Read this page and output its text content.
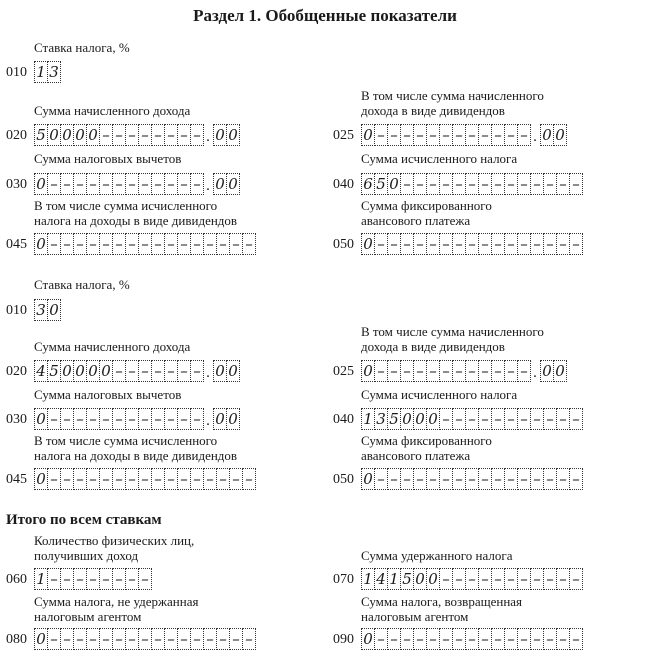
Раздел 1. Обобщенные показатели
Ставка налога, %
010 1 3
Сумма начисленного дохода
020 5 0 0 0 0 – – – – – – – – . 0 0
В том числе сумма начисленного
дохода в виде дивидендов
025 0 – – – – – – – – – – – – . 0 0
Сумма налоговых вычетов
030 0 – – – – – – – – – – – – . 0 0
Сумма исчисленного налога
040 6 5 0 – – – – – – – – – – – – – –
В том числе сумма исчисленного
налога на доходы в виде дивидендов
045 0 – – – – – – – – – – – – – – – –
Сумма фиксированного
авансового платежа
050 0 – – – – – – – – – – – – – – – –
Ставка налога, %
010 3 0
Сумма начисленного дохода
020 4 5 0 0 0 0 – – – – – – – . 0 0
В том числе сумма начисленного
дохода в виде дивидендов
025 0 – – – – – – – – – – – – . 0 0
Сумма налоговых вычетов
030 0 – – – – – – – – – – – – . 0 0
Сумма исчисленного налога
040 1 3 5 0 0 0 – – – – – – – – – – –
В том числе сумма исчисленного
налога на доходы в виде дивидендов
045 0 – – – – – – – – – – – – – – – –
Сумма фиксированного
авансового платежа
050 0 – – – – – – – – – – – – – – – –
Итого по всем ставкам
Количество физических лиц,
получивших доход
060 1 – – – – – – – –
Сумма удержанного налога
070 1 4 1 5 0 0 – – – – – – – – – – –
Сумма налога, не удержанная
налоговым агентом
080 0 – – – – – – – – – – – – – – – –
Сумма налога, возвращенная
налоговым агентом
090 0 – – – – – – – – – – – – – – – –
